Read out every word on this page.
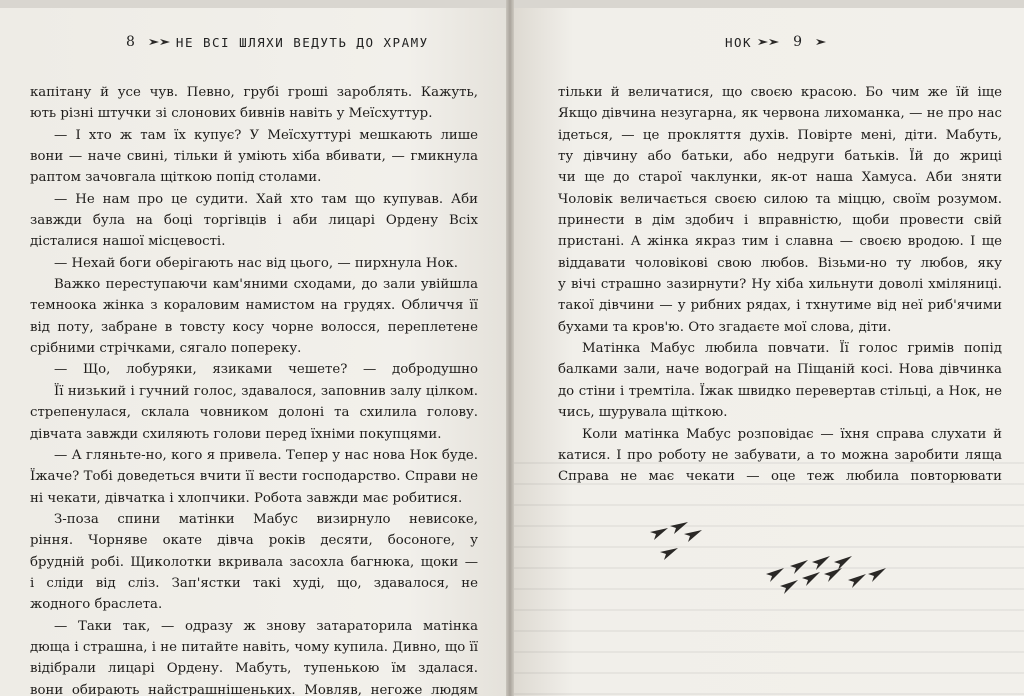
8	НЕ ВСІ ШЛЯХИ ВЕДУТЬ ДО ХРАМУ
капітану й усе чув. Певно, грубі гроші зароблять. Кажуть,
ють різні штучки зі слонових бивнів навіть у Меїсхуттур.
— І хто ж там їх купує? У Меїсхуттурі мешкають лише
вони — наче свині, тільки й уміють хіба вбивати, — гмикнула
раптом зачовгала щіткою попід столами.
— Не нам про це судити. Хай хто там що купував. Аби
завжди була на боці торгівців і аби лицарі Ордену Всіх
дісталися нашої місцевості.
— Нехай боги оберігають нас від цього, — пирхнула Нок.
Важко переступаючи кам'яними сходами, до зали увійшла
темноока жінка з кораловим намистом на грудях. Обличчя її
від поту, забране в товсту косу чорне волосся, переплетене
срібними стрічками, сягало попереку.
— Що, лобуряки, язиками чешете? — добродушно
Її низький і гучний голос, здавалося, заповнив залу цілком.
стрепенулася, склала човником долоні та схилила голову.
дівчата завжди схиляють голови перед їхніми покупцями.
— А гляньте-но, кого я привела. Тепер у нас нова Нок буде.
Їжаче? Тобі доведеться вчити її вести господарство. Справи не
ні чекати, дівчатка і хлопчики. Робота завжди має робитися.
З-поза спини матінки Мабус визирнуло невисоке,
ріння. Чорняве окате дівча років десяти, босоноге, у
брудній робі. Щиколотки вкривала засохла багнюка, щоки —
і сліди від сліз. Зап'ястки такі худі, що, здавалося, не
жодного браслета.
— Таки так, — одразу ж знову затараторила матінка
дюща і страшна, і не питайте навіть, чому купила. Дивно, що її
відібрали лицарі Ордену. Мабуть, тупенькою їм здалася.
вони обирають найстрашнішеньких. Мовляв, негоже людям
НОК	9
тільки й величатися, що своєю красою. Бо чим же їй іще
Якщо дівчина незугарна, як червона лихоманка, — не про нас
ідеться, — це прокляття духів. Повірте мені, діти. Мабуть,
ту дівчину або батьки, або недруги батьків. Їй до жриці
чи ще до старої чаклунки, як-от наша Хамуса. Аби зняти
Чоловік величається своєю силою та міццю, своїм розумом.
принести в дім здобич і вправністю, щоби провести свій
пристані. А жінка якраз тим і славна — своєю вродою. І ще
віддавати чоловікові свою любов. Візьми-но ту любов, яку
у вічі страшно зазирнути? Ну хіба хильнути доволі хміляниці.
такої дівчини — у рибних рядах, і тхнутиме від неї риб'ячими
бухами та кров'ю. Ото згадаєте мої слова, діти.
Матінка Мабус любила повчати. Її голос гримів попід
балками зали, наче водограй на Піщаній косі. Нова дівчинка
до стіни і тремтіла. Їжак швидко перевертав стільці, а Нок, не
чись, шурувала щіткою.
Коли матінка Мабус розповідає — їхня справа слухати й
катися. І про роботу не забувати, а то можна заробити ляща
Справа не має чекати — оце теж любила повторювати
